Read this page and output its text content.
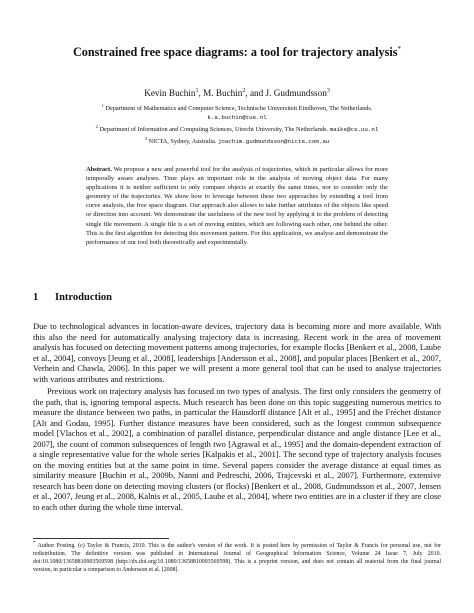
Constrained free space diagrams: a tool for trajectory analysis*
Kevin Buchin$^1$, M. Buchin$^2$, and J. Gudmundsson$^3$
$^1$ Department of Mathematics and Computer Science, Technische Universiteit Eindhoven, The Netherlands.
k.a.buchin@tue.nl
$^2$ Department of Information and Computing Sciences, Utrecht University, The Netherlands. maike@cs.uu.nl
$^3$ NICTA, Sydney, Australia. joachim.gudmundsson@nicta.com.au
Abstract. We propose a new and powerful tool for the analysis of trajectories, which in particular allows for more temporally aware analyses. Time plays an important role in the analysis of moving object data. For many applications it is neither sufficient to only compare objects at exactly the same times, nor to consider only the geometry of the trajectories. We show how to leverage between these two approaches by extending a tool from curve analysis, the free space diagram. Our approach also allows to take further attributes of the objects like speed or direction into account. We demonstrate the usefulness of the new tool by applying it to the problem of detecting single file movement. A single file is a set of moving entities, which are following each other, one behind the other. This is the first algorithm for detecting this movement pattern. For this application, we analyse and demonstrate the performance of our tool both theoretically and experimentally.
1 Introduction

Due to technological advances in location-aware devices, trajectory data is becoming more and more available. With this also the need for automatically analysing trajectory data is increasing. Recent work in the area of movement analysis has focused on detecting movement patterns among trajectories, for example flocks [Benkert et al., 2008, Laube et al., 2004], convoys [Jeung et al., 2008], leaderships [Andersson et al., 2008], and popular places [Benkert et al., 2007, Verhein and Chawla, 2006]. In this paper we will present a more general tool that can be used to analyse trajectories with various attributes and restrictions.

Previous work on trajectory analysis has focused on two types of analysis. The first only considers the geometry of the path, that is, ignoring temporal aspects. Much research has been done on this topic suggesting numerous metrics to measure the distance between two paths, in particular the Hausdorff distance [Alt et al., 1995] and the Fréchet distance [Alt and Godau, 1995]. Further distance measures have been considered, such as the longest common subsequence model [Vlachos et al., 2002], a combination of parallel distance, perpendicular distance and angle distance [Lee et al., 2007], the count of common subsequences of length two [Agrawal et al., 1995] and the domain-dependent extraction of a single representative value for the whole series [Kalpakis et al., 2001]. The second type of trajectory analysis focuses on the moving entities but at the same point in time. Several papers consider the average distance at equal times as similarity measure [Buchin et al., 2009b, Nanni and Pedreschi, 2006, Trajcevski et al., 2007]. Furthermore, extensive research has been done on detecting moving clusters (or flocks) [Benkert et al., 2008, Gudmundsson et al., 2007, Jensen et al., 2007, Jeung et al., 2008, Kalnis et al., 2005, Laube et al., 2004], where two entities are in a cluster if they are close to each other during the whole time interval.

* Author Posting. (c) Taylor & Francis, 2010. This is the author's version of the work. It is posted here by permission of Taylor & Francis for personal use, not for redistribution. The definitive version was published in International Journal of Geographical Information Science, Volume 24 Issue 7, July 2010. doi:10.1080/13658810903569598 (http://dx.doi.org/10.1080/13658810903569598). This is a preprint version, and does not contain all material from the final journal version, in particular a comparison to Andersson et al. [2008].
